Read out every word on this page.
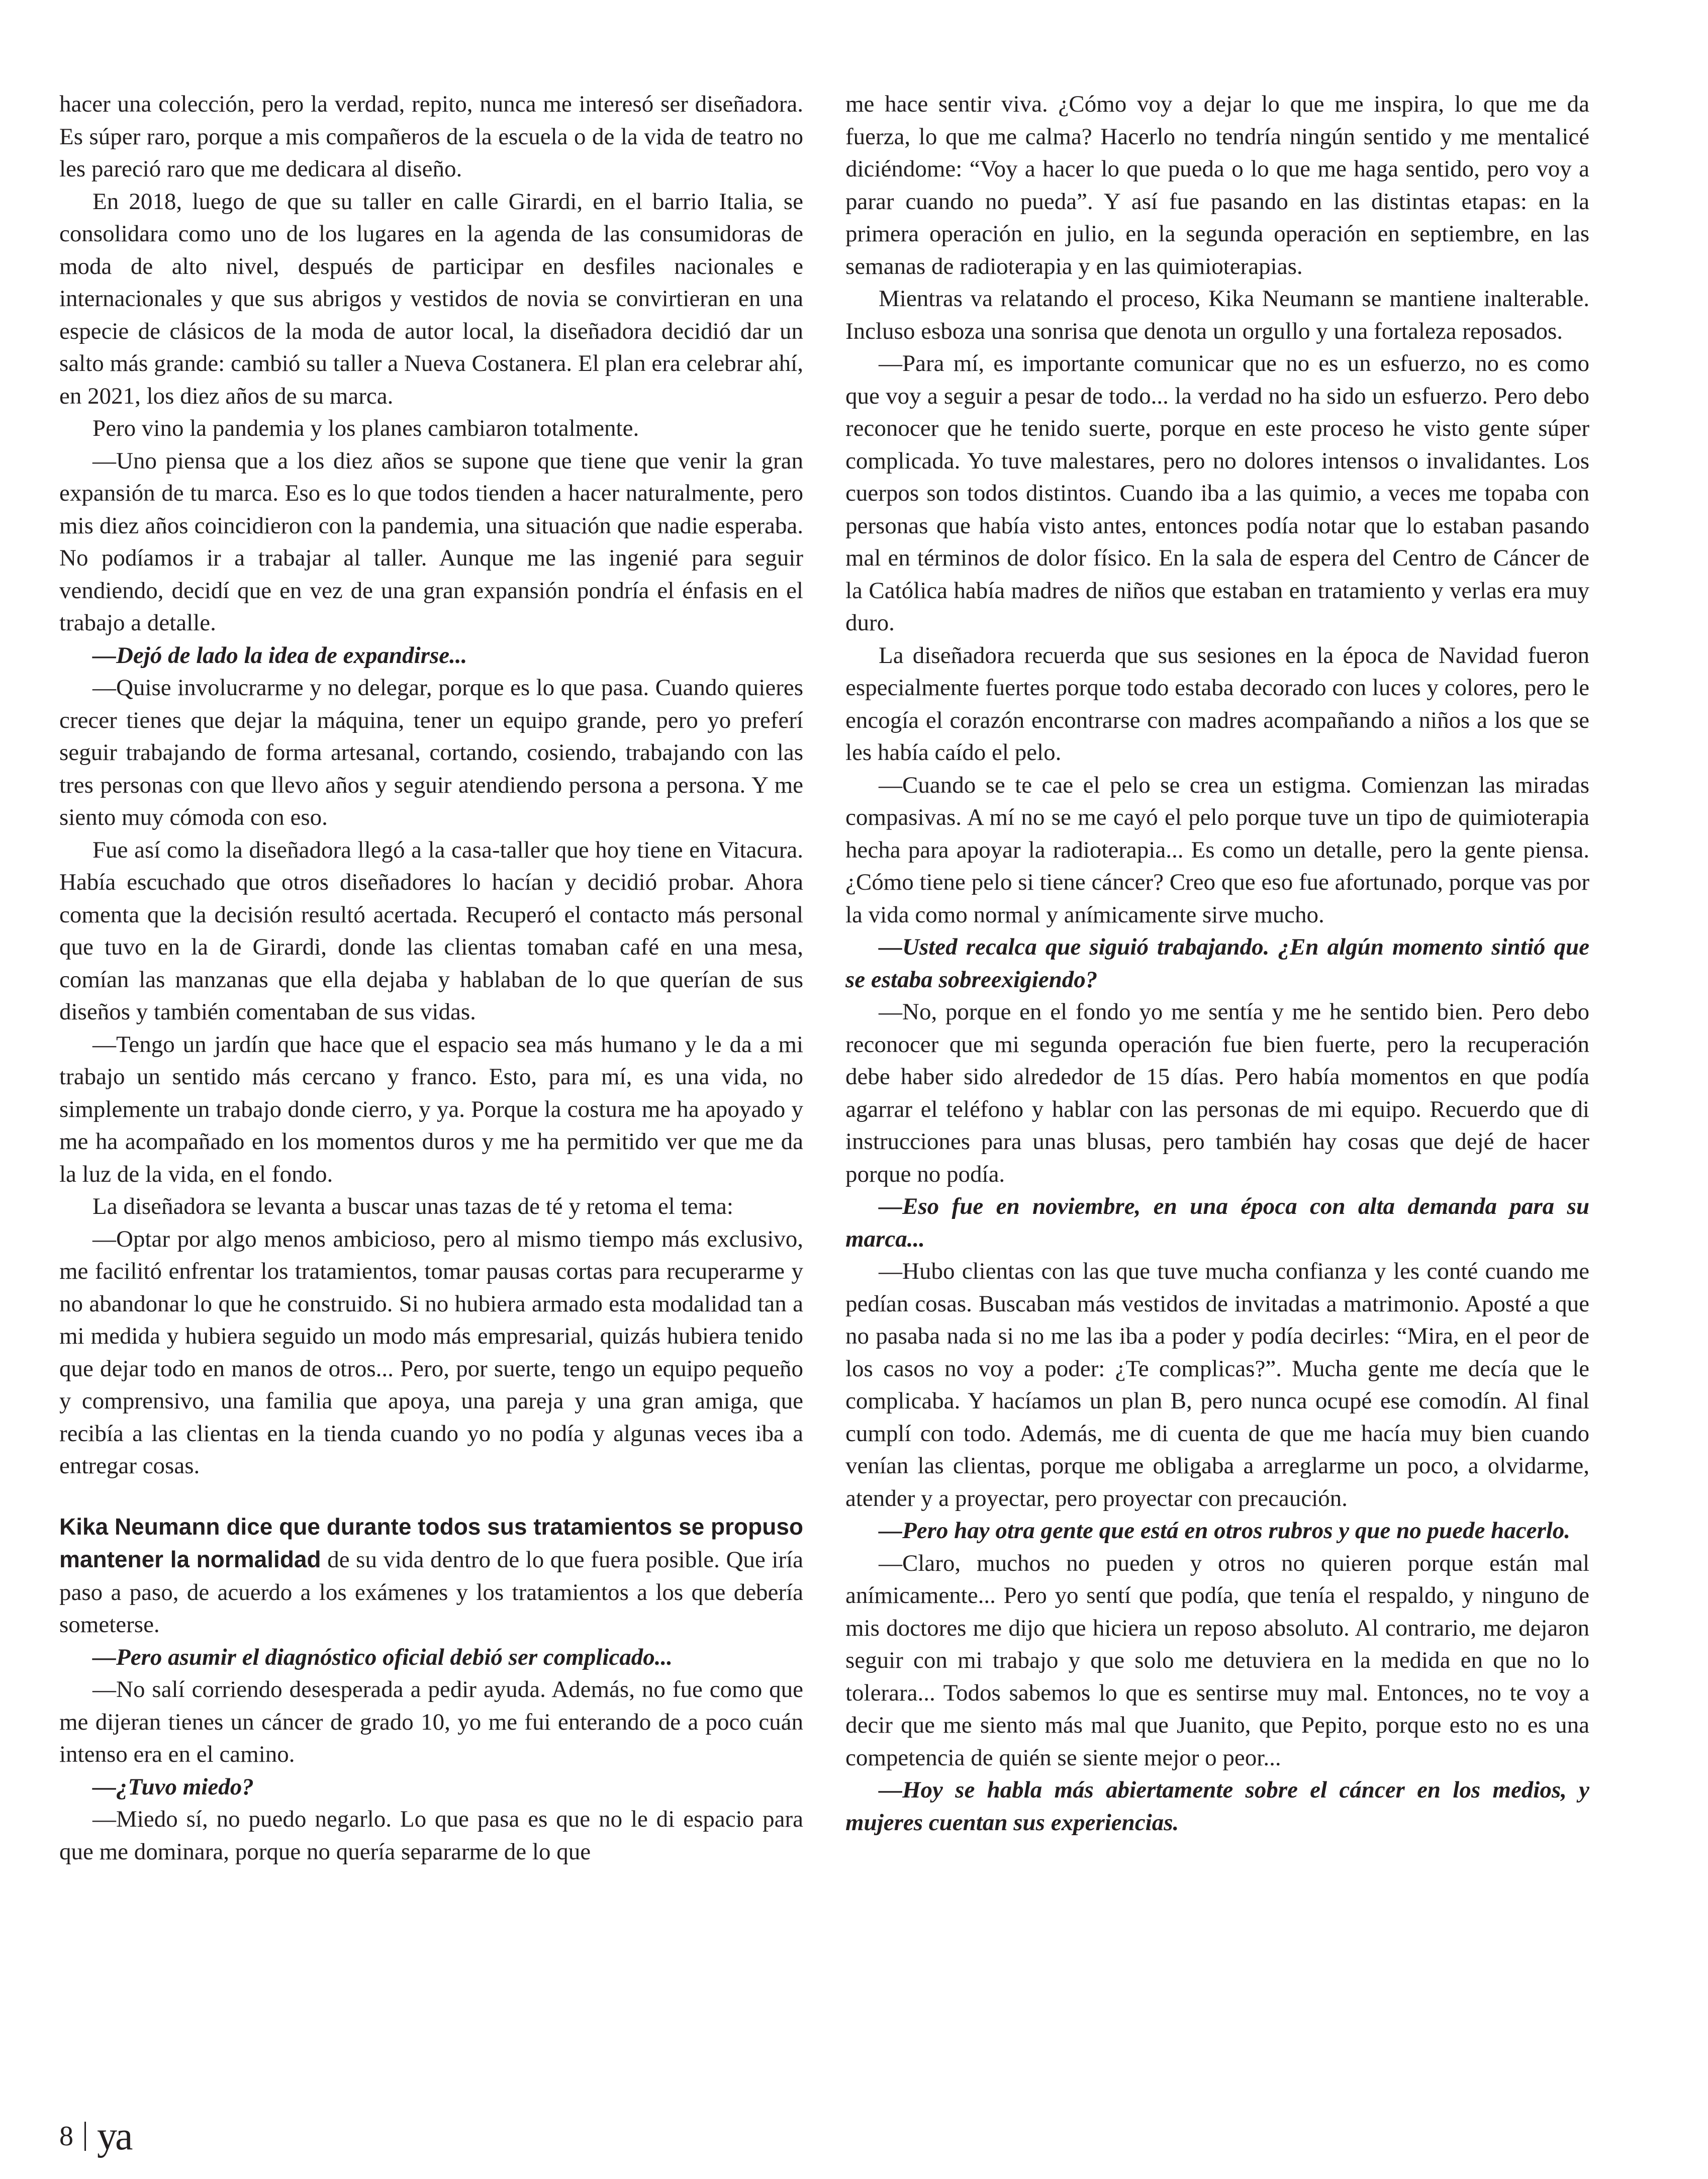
hacer una colección, pero la verdad, repito, nunca me interesó ser diseñadora. Es súper raro, porque a mis compañeros de la escuela o de la vida de teatro no les pareció raro que me dedicara al diseño.

En 2018, luego de que su taller en calle Girardi, en el barrio Italia, se consolidara como uno de los lugares en la agenda de las consumidoras de moda de alto nivel, después de participar en desfiles nacionales e internacionales y que sus abrigos y vestidos de novia se convirtieran en una especie de clásicos de la moda de autor local, la diseñadora decidió dar un salto más grande: cambió su taller a Nueva Costanera. El plan era celebrar ahí, en 2021, los diez años de su marca.

Pero vino la pandemia y los planes cambiaron totalmente.

—Uno piensa que a los diez años se supone que tiene que venir la gran expansión de tu marca. Eso es lo que todos tienden a hacer naturalmente, pero mis diez años coincidieron con la pandemia, una situación que nadie esperaba. No podíamos ir a trabajar al taller. Aunque me las ingenié para seguir vendiendo, decidí que en vez de una gran expansión pondría el énfasis en el trabajo a detalle.

—Dejó de lado la idea de expandirse...

—Quise involucrarme y no delegar, porque es lo que pasa. Cuando quieres crecer tienes que dejar la máquina, tener un equipo grande, pero yo preferí seguir trabajando de forma artesanal, cortando, cosiendo, trabajando con las tres personas con que llevo años y seguir atendiendo persona a persona. Y me siento muy cómoda con eso.

Fue así como la diseñadora llegó a la casa-taller que hoy tiene en Vitacura. Había escuchado que otros diseñadores lo hacían y decidió probar. Ahora comenta que la decisión resultó acertada. Recuperó el contacto más personal que tuvo en la de Girardi, donde las clientas tomaban café en una mesa, comían las manzanas que ella dejaba y hablaban de lo que querían de sus diseños y también comentaban de sus vidas.

—Tengo un jardín que hace que el espacio sea más humano y le da a mi trabajo un sentido más cercano y franco. Esto, para mí, es una vida, no simplemente un trabajo donde cierro, y ya. Porque la costura me ha apoyado y me ha acompañado en los momentos duros y me ha permitido ver que me da la luz de la vida, en el fondo.

La diseñadora se levanta a buscar unas tazas de té y retoma el tema:

—Optar por algo menos ambicioso, pero al mismo tiempo más exclusivo, me facilitó enfrentar los tratamientos, tomar pausas cortas para recuperarme y no abandonar lo que he construido. Si no hubiera armado esta modalidad tan a mi medida y hubiera seguido un modo más empresarial, quizás hubiera tenido que dejar todo en manos de otros... Pero, por suerte, tengo un equipo pequeño y comprensivo, una familia que apoya, una pareja y una gran amiga, que recibía a las clientas en la tienda cuando yo no podía y algunas veces iba a entregar cosas.

Kika Neumann dice que durante todos sus tratamientos se propuso mantener la normalidad de su vida dentro de lo que fuera posible. Que iría paso a paso, de acuerdo a los exámenes y los tratamientos a los que debería someterse.

—Pero asumir el diagnóstico oficial debió ser complicado...

—No salí corriendo desesperada a pedir ayuda. Además, no fue como que me dijeran tienes un cáncer de grado 10, yo me fui enterando de a poco cuán intenso era en el camino.

—¿Tuvo miedo?

—Miedo sí, no puedo negarlo. Lo que pasa es que no le di espacio para que me dominara, porque no quería separarme de lo que

me hace sentir viva. ¿Cómo voy a dejar lo que me inspira, lo que me da fuerza, lo que me calma? Hacerlo no tendría ningún sentido y me mentalicé diciéndome: “Voy a hacer lo que pueda o lo que me haga sentido, pero voy a parar cuando no pueda”. Y así fue pasando en las distintas etapas: en la primera operación en julio, en la segunda operación en septiembre, en las semanas de radioterapia y en las quimioterapias.

Mientras va relatando el proceso, Kika Neumann se mantiene inalterable. Incluso esboza una sonrisa que denota un orgullo y una fortaleza reposados.

—Para mí, es importante comunicar que no es un esfuerzo, no es como que voy a seguir a pesar de todo... la verdad no ha sido un esfuerzo. Pero debo reconocer que he tenido suerte, porque en este proceso he visto gente súper complicada. Yo tuve malestares, pero no dolores intensos o invalidantes. Los cuerpos son todos distintos. Cuando iba a las quimio, a veces me topaba con personas que había visto antes, entonces podía notar que lo estaban pasando mal en términos de dolor físico. En la sala de espera del Centro de Cáncer de la Católica había madres de niños que estaban en tratamiento y verlas era muy duro.

La diseñadora recuerda que sus sesiones en la época de Navidad fueron especialmente fuertes porque todo estaba decorado con luces y colores, pero le encogía el corazón encontrarse con madres acompañando a niños a los que se les había caído el pelo.

—Cuando se te cae el pelo se crea un estigma. Comienzan las miradas compasivas. A mí no se me cayó el pelo porque tuve un tipo de quimioterapia hecha para apoyar la radioterapia... Es como un detalle, pero la gente piensa. ¿Cómo tiene pelo si tiene cáncer? Creo que eso fue afortunado, porque vas por la vida como normal y anímicamente sirve mucho.

—Usted recalca que siguió trabajando. ¿En algún momento sintió que se estaba sobreexigiendo?

—No, porque en el fondo yo me sentía y me he sentido bien. Pero debo reconocer que mi segunda operación fue bien fuerte, pero la recuperación debe haber sido alrededor de 15 días. Pero había momentos en que podía agarrar el teléfono y hablar con las personas de mi equipo. Recuerdo que di instrucciones para unas blusas, pero también hay cosas que dejé de hacer porque no podía.

—Eso fue en noviembre, en una época con alta demanda para su marca...

—Hubo clientas con las que tuve mucha confianza y les conté cuando me pedían cosas. Buscaban más vestidos de invitadas a matrimonio. Aposté a que no pasaba nada si no me las iba a poder y podía decirles: “Mira, en el peor de los casos no voy a poder: ¿Te complicas?”. Mucha gente me decía que le complicaba. Y hacíamos un plan B, pero nunca ocupé ese comodín. Al final cumplí con todo. Además, me di cuenta de que me hacía muy bien cuando venían las clientas, porque me obligaba a arreglarme un poco, a olvidarme, atender y a proyectar, pero proyectar con precaución.

—Pero hay otra gente que está en otros rubros y que no puede hacerlo.

—Claro, muchos no pueden y otros no quieren porque están mal anímicamente... Pero yo sentí que podía, que tenía el respaldo, y ninguno de mis doctores me dijo que hiciera un reposo absoluto. Al contrario, me dejaron seguir con mi trabajo y que solo me detuviera en la medida en que no lo tolerara... Todos sabemos lo que es sentirse muy mal. Entonces, no te voy a decir que me siento más mal que Juanito, que Pepito, porque esto no es una competencia de quién se siente mejor o peor...

—Hoy se habla más abiertamente sobre el cáncer en los medios, y mujeres cuentan sus experiencias.

8 ya
